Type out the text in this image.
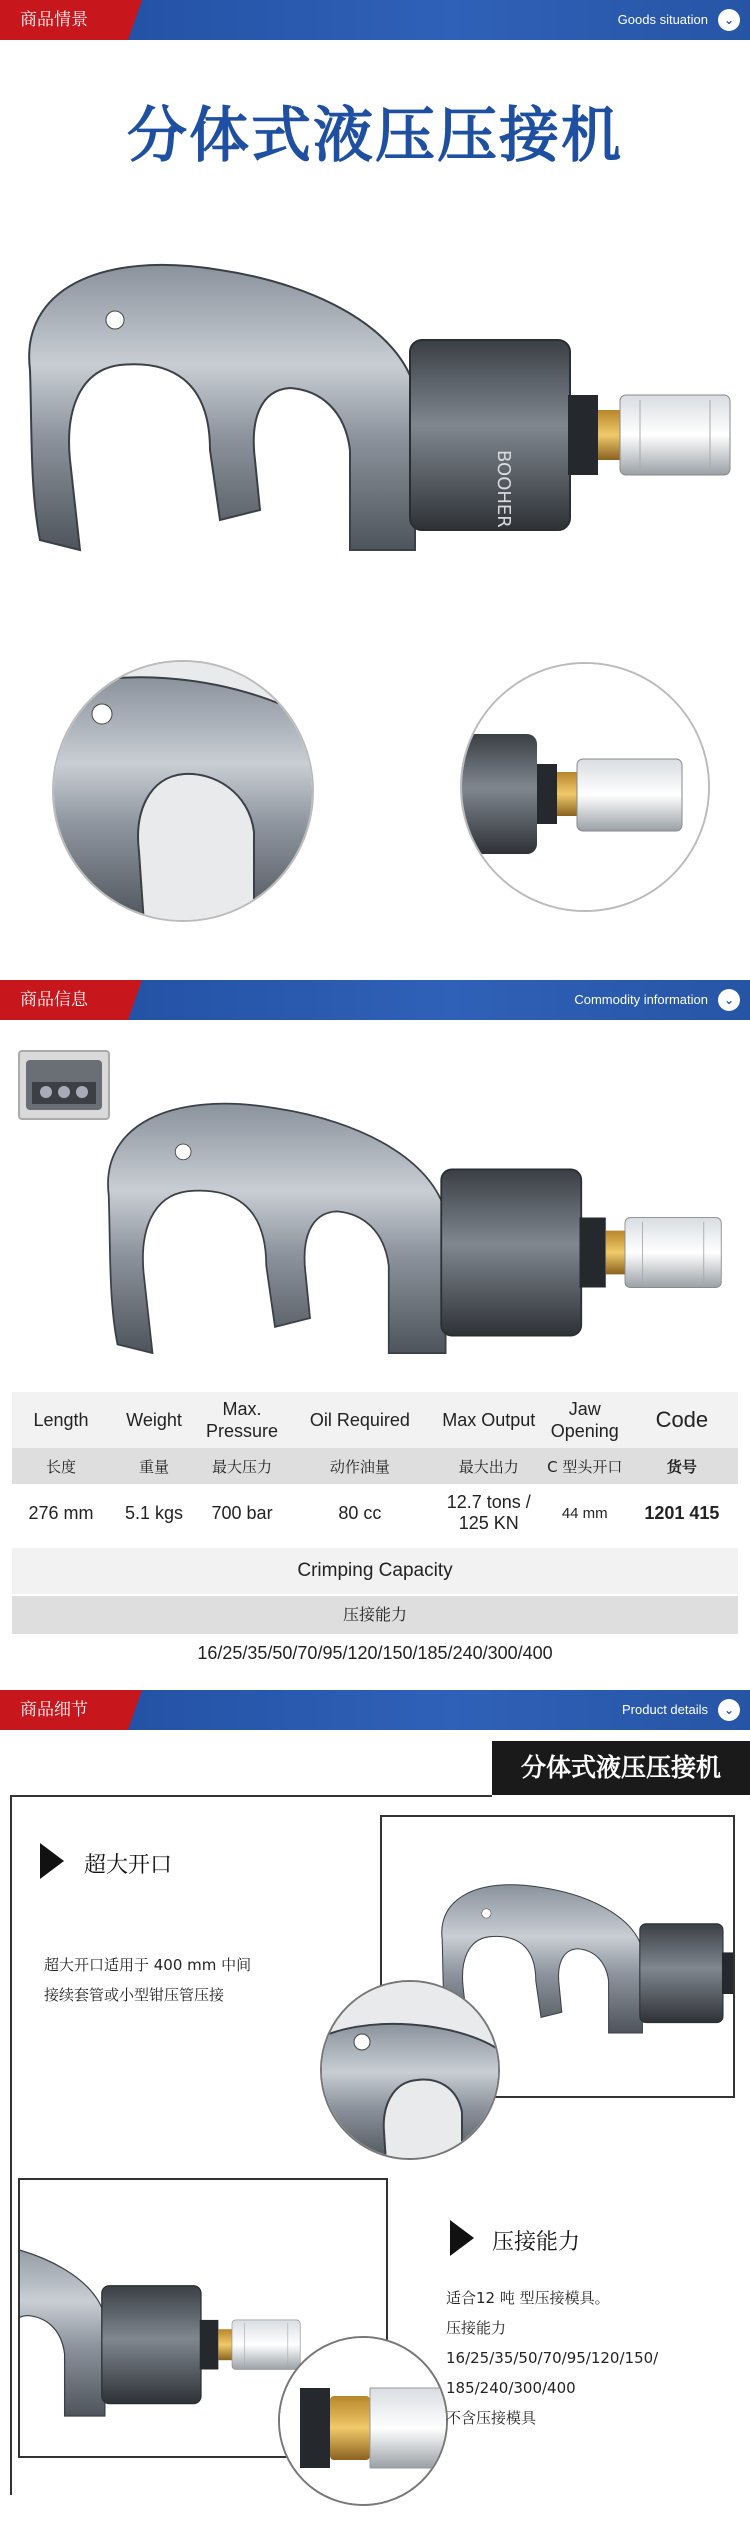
商品情景	Goods situation	⌄
分体式液压压接机
BOOHER
商品信息	Commodity information	⌄
Length	Weight	Max. Pressure	Oil Required	Max Output	Jaw Opening	Code
长度	重量	最大压力	动作油量	最大出力	C 型头开口	货号
276 mm	5.1 kgs	700 bar	80 cc	12.7 tons / 125 KN	44 mm	1201 415
Crimping Capacity
压接能力
16/25/35/50/70/95/120/150/185/240/300/400
商品细节	Product details	⌄
分体式液压压接机
超大开口
超大开口适用于 400 mm 中间
接续套管或小型钳压管压接
压接能力
适合12 吨 型压接模具。
压接能力
16/25/35/50/70/95/120/150/
185/240/300/400
不含压接模具
